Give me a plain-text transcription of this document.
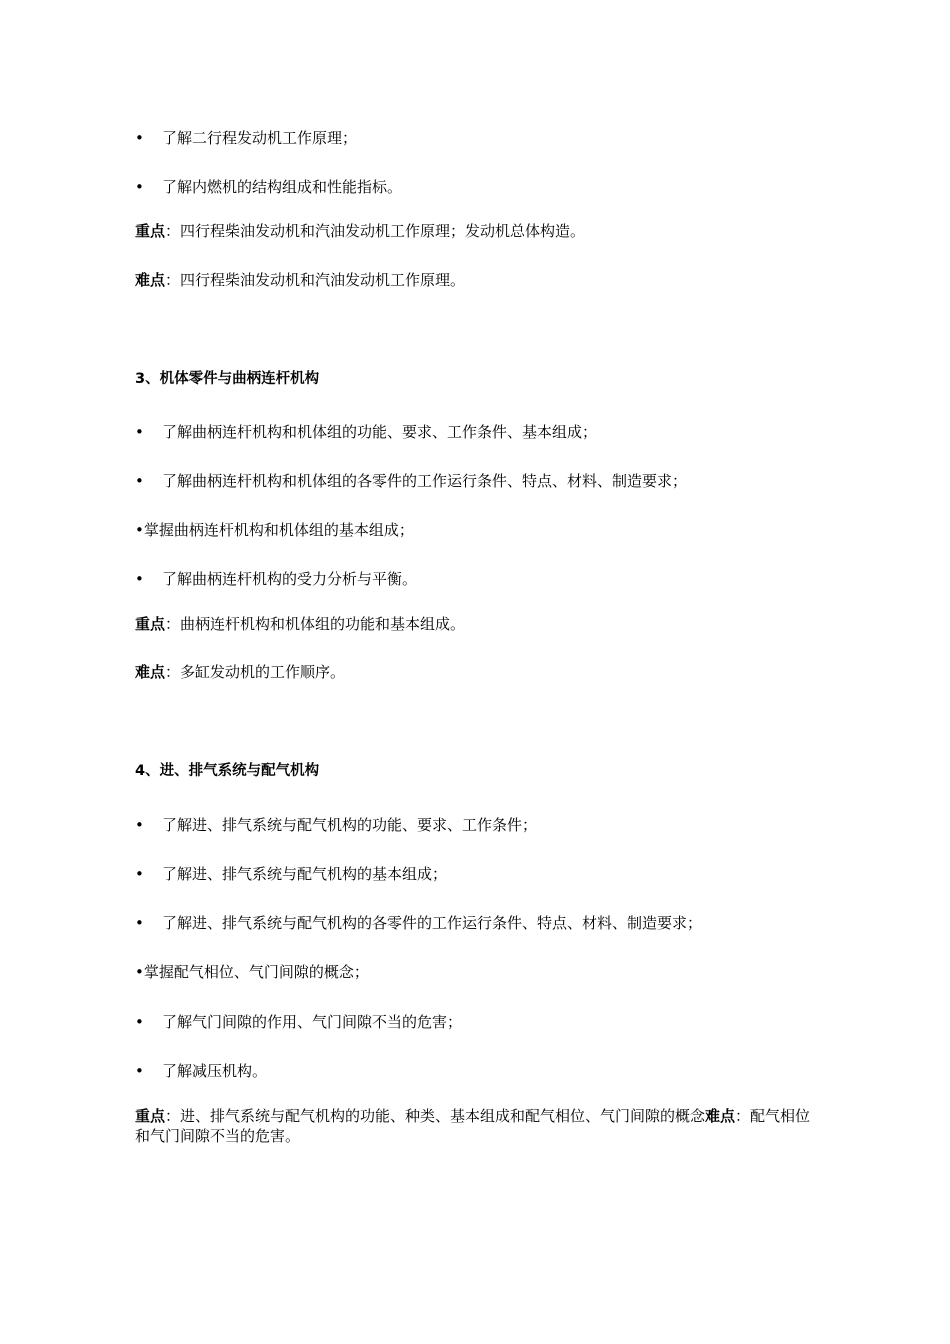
• 了解二行程发动机工作原理；
• 了解内燃机的结构组成和性能指标。
重点：四行程柴油发动机和汽油发动机工作原理；发动机总体构造。
难点：四行程柴油发动机和汽油发动机工作原理。
3、机体零件与曲柄连杆机构
• 了解曲柄连杆机构和机体组的功能、要求、工作条件、基本组成；
• 了解曲柄连杆机构和机体组的各零件的工作运行条件、特点、材料、制造要求；
•掌握曲柄连杆机构和机体组的基本组成；
• 了解曲柄连杆机构的受力分析与平衡。
重点：曲柄连杆机构和机体组的功能和基本组成。
难点：多缸发动机的工作顺序。
4、进、排气系统与配气机构
• 了解进、排气系统与配气机构的功能、要求、工作条件；
• 了解进、排气系统与配气机构的基本组成；
• 了解进、排气系统与配气机构的各零件的工作运行条件、特点、材料、制造要求；
•掌握配气相位、气门间隙的概念；
• 了解气门间隙的作用、气门间隙不当的危害；
• 了解减压机构。
重点：进、排气系统与配气机构的功能、种类、基本组成和配气相位、气门间隙的概念难点：配气相位和气门间隙不当的危害。
